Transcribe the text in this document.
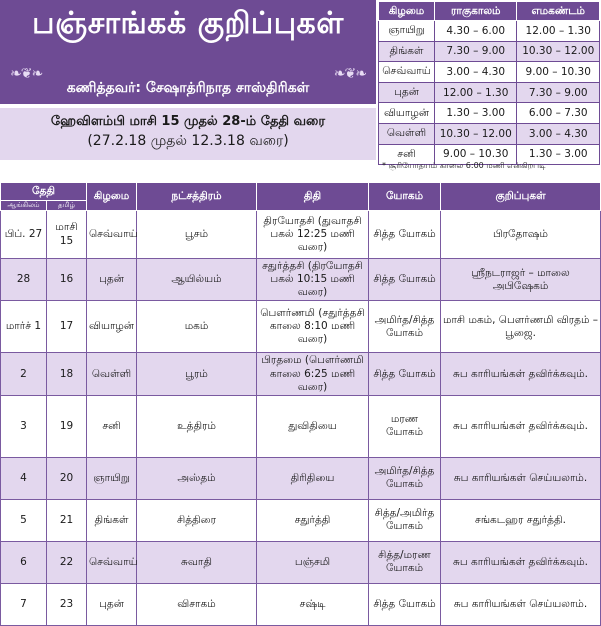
பஞ்சாங்கக் குறிப்புகள்
❧❦❧	❧❦❧
கணித்தவர்: சேஷாத்ரிநாத சாஸ்திரிகள்
ஹேவிளம்பி மாசி 15 முதல் 28-ம் தேதி வரை
(27.2.18 முதல் 12.3.18 வரை)
கிழமை	ராகுகாலம்	எமகண்டம்
ஞாயிறு	4.30 – 6.00	12.00 – 1.30
திங்கள்	7.30 – 9.00	10.30 – 12.00
செவ்வாய்	3.00 – 4.30	9.00 – 10.30
புதன்	12.00 – 1.30	7.30 – 9.00
வியாழன்	1.30 – 3.00	6.00 – 7.30
வெள்ளி	10.30 – 12.00	3.00 – 4.30
சனி	9.00 – 10.30	1.30 – 3.00
* சூரியோதயம் காலை 6:00 மணி என்கிறபடி
தேதி		கிழமை	நட்சத்திரம்	திதி	யோகம்	குறிப்புகள்
ஆங்கிலம்	தமிழ்					
பிப். 27	மாசி 15	செவ்வாய்	பூசம்	திரயோதசி (துவாதசி பகல் 12:25 மணி வரை)	சித்த யோகம்	பிரதோஷம்
28	16	புதன்	ஆயில்யம்	சதுர்த்தசி (திரயோதசி பகல் 10:15 மணி வரை)	சித்த யோகம்	ஸ்ரீநடராஜர் – மாலை அபிஷேகம்
மார்ச் 1	17	வியாழன்	மகம்	பௌர்ணமி (சதுர்த்தசி காலை 8:10 மணி வரை)	அமிர்த/சித்த யோகம்	மாசி மகம், பௌர்ணமி விரதம் – பூஜை.
2	18	வெள்ளி	பூரம்	பிரதமை (பௌர்ணமி காலை 6:25 மணி வரை)	சித்த யோகம்	சுப காரியங்கள் தவிர்க்கவும்.
3	19	சனி	உத்திரம்	துவிதியை	மரண யோகம்	சுப காரியங்கள் தவிர்க்கவும்.
4	20	ஞாயிறு	அஸ்தம்	திரிதியை	அமிர்த/சித்த யோகம்	சுப காரியங்கள் செய்யலாம்.
5	21	திங்கள்	சித்திரை	சதுர்த்தி	சித்த/அமிர்த யோகம்	சங்கடஹர சதுர்த்தி.
6	22	செவ்வாய்	சுவாதி	பஞ்சமி	சித்த/மரண யோகம்	சுப காரியங்கள் தவிர்க்கவும்.
7	23	புதன்	விசாகம்	சஷ்டி	சித்த யோகம்	சுப காரியங்கள் செய்யலாம்.
